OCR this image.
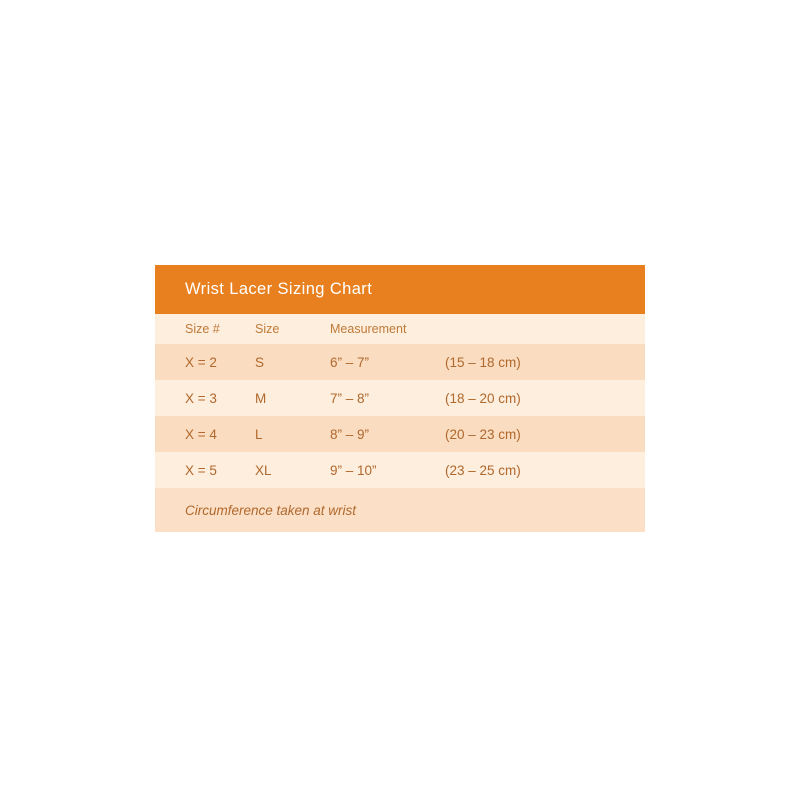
Wrist Lacer Sizing Chart
Size #	Size	Measurement
X = 2	S	6” – 7”	(15 – 18 cm)
X = 3	M	7” – 8”	(18 – 20 cm)
X = 4	L	8” – 9”	(20 – 23 cm)
X = 5	XL	9” – 10”	(23 – 25 cm)
Circumference taken at wrist
